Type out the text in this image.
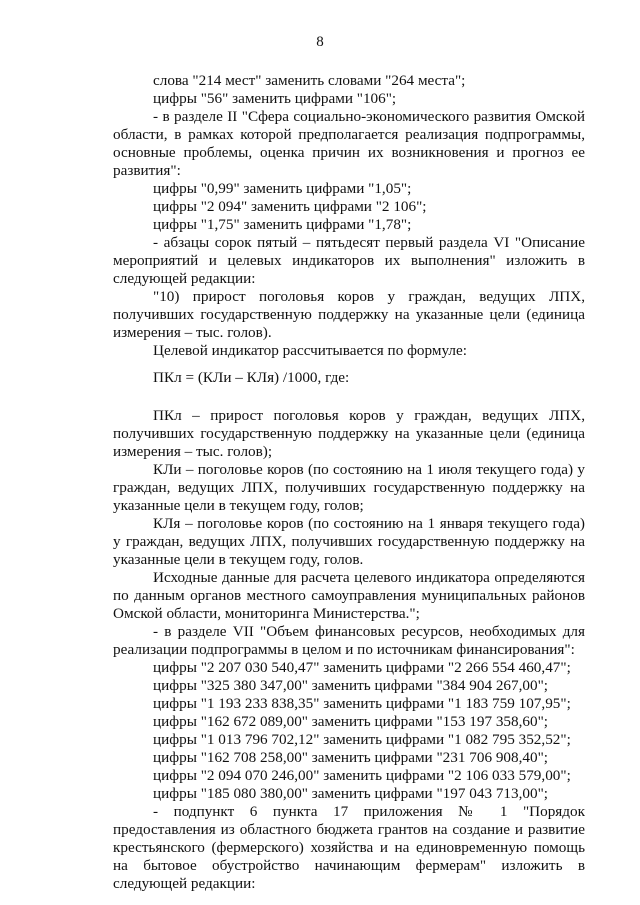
8

слова "214 мест" заменить словами "264 места";

цифры "56" заменить цифрами "106";

- в разделе II "Сфера социально-экономического развития Омской области, в рамках которой предполагается реализация подпрограммы, основные проблемы, оценка причин их возникновения и прогноз ее развития":

цифры "0,99" заменить цифрами "1,05";

цифры "2 094" заменить цифрами "2 106";

цифры "1,75" заменить цифрами "1,78";

- абзацы сорок пятый – пятьдесят первый раздела VI "Описание мероприятий и целевых индикаторов их выполнения" изложить в следующей редакции:

"10) прирост поголовья коров у граждан, ведущих ЛПХ, получивших государственную поддержку на указанные цели (единица измерения – тыс. голов).

Целевой индикатор рассчитывается по формуле:

ПКл = (КЛи – КЛя) /1000, где:

ПКл – прирост поголовья коров у граждан, ведущих ЛПХ, получивших государственную поддержку на указанные цели (единица измерения – тыс. голов);

КЛи – поголовье коров (по состоянию на 1 июля текущего года) у граждан, ведущих ЛПХ, получивших государственную поддержку на указанные цели в текущем году, голов;

КЛя – поголовье коров (по состоянию на 1 января текущего года) у граждан, ведущих ЛПХ, получивших государственную поддержку на указанные цели в текущем году, голов.

Исходные данные для расчета целевого индикатора определяются по данным органов местного самоуправления муниципальных районов Омской области, мониторинга Министерства.";

- в разделе VII "Объем финансовых ресурсов, необходимых для реализации подпрограммы в целом и по источникам финансирования":

цифры "2 207 030 540,47" заменить цифрами "2 266 554 460,47";

цифры "325 380 347,00" заменить цифрами "384 904 267,00";

цифры "1 193 233 838,35" заменить цифрами "1 183 759 107,95";

цифры "162 672 089,00" заменить цифрами "153 197 358,60";

цифры "1 013 796 702,12" заменить цифрами "1 082 795 352,52";

цифры "162 708 258,00" заменить цифрами "231 706 908,40";

цифры "2 094 070 246,00" заменить цифрами "2 106 033 579,00";

цифры "185 080 380,00" заменить цифрами "197 043 713,00";

- подпункт 6 пункта 17 приложения № 1 "Порядок предоставления из областного бюджета грантов на создание и развитие крестьянского (фермерского) хозяйства и на единовременную помощь на бытовое обустройство начинающим фермерам" изложить в следующей редакции:
